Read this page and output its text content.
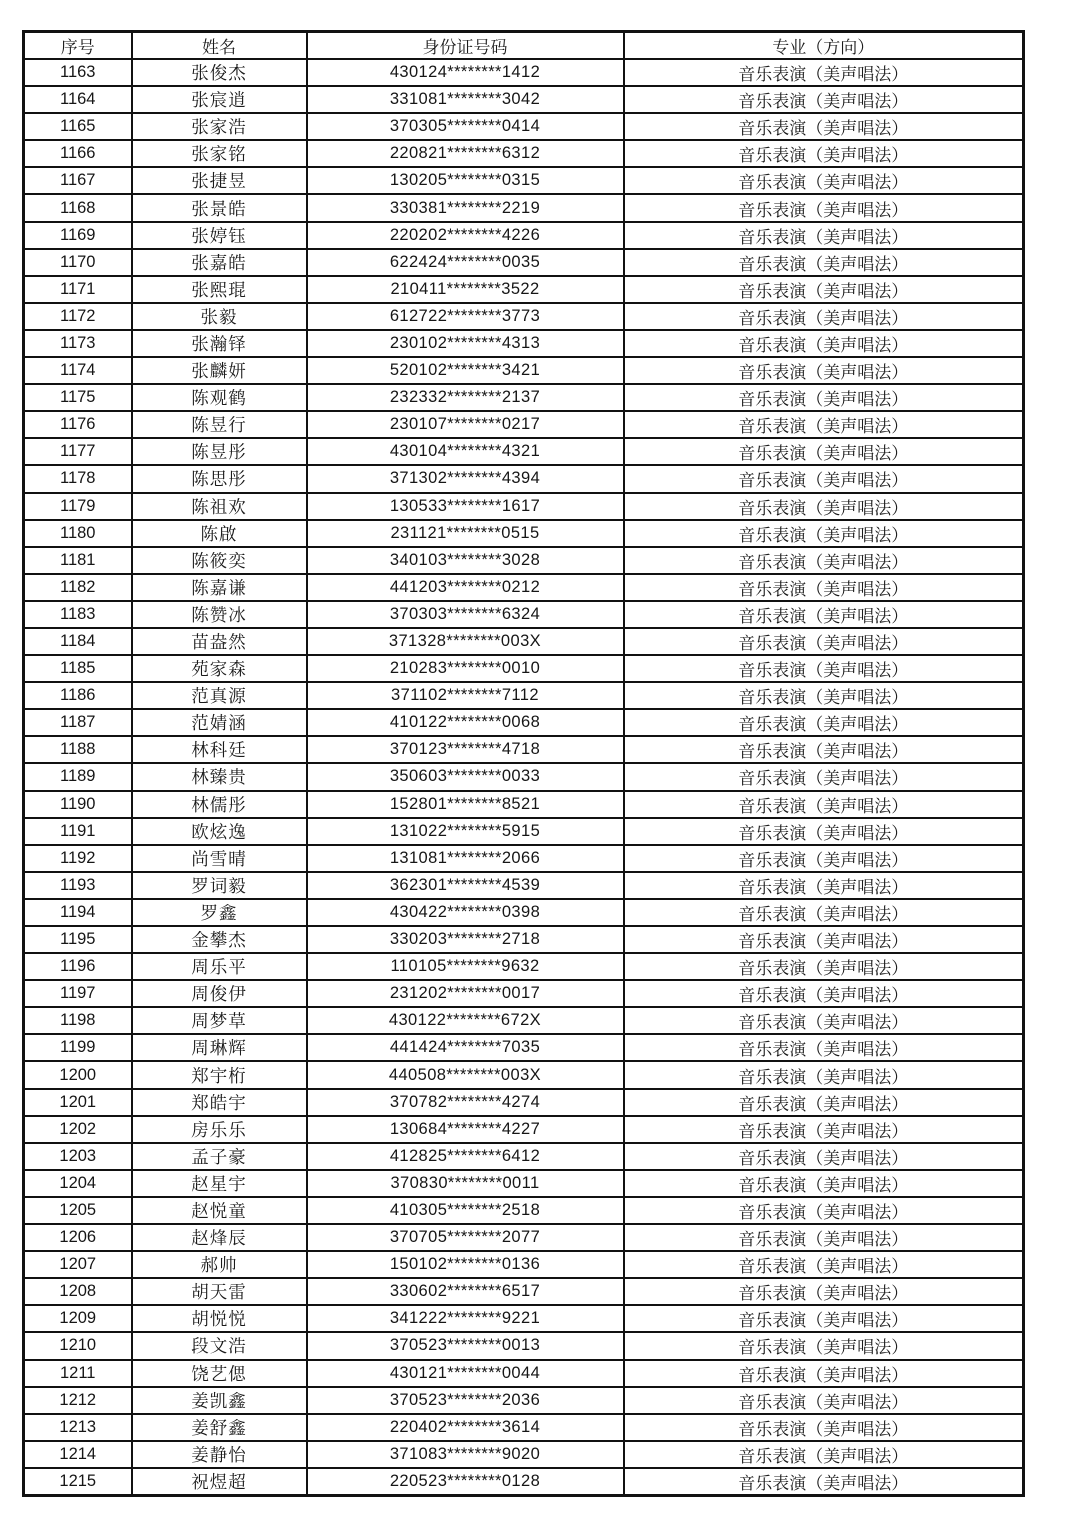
序号	姓名	身份证号码	专业（方向）
1163	张俊杰	430124********1412	音乐表演（美声唱法）
1164	张宸逍	331081********3042	音乐表演（美声唱法）
1165	张家浩	370305********0414	音乐表演（美声唱法）
1166	张家铭	220821********6312	音乐表演（美声唱法）
1167	张捷昱	130205********0315	音乐表演（美声唱法）
1168	张景皓	330381********2219	音乐表演（美声唱法）
1169	张婷钰	220202********4226	音乐表演（美声唱法）
1170	张嘉皓	622424********0035	音乐表演（美声唱法）
1171	张熙琨	210411********3522	音乐表演（美声唱法）
1172	张毅	612722********3773	音乐表演（美声唱法）
1173	张瀚铎	230102********4313	音乐表演（美声唱法）
1174	张麟妍	520102********3421	音乐表演（美声唱法）
1175	陈观鹤	232332********2137	音乐表演（美声唱法）
1176	陈昱行	230107********0217	音乐表演（美声唱法）
1177	陈昱彤	430104********4321	音乐表演（美声唱法）
1178	陈思彤	371302********4394	音乐表演（美声唱法）
1179	陈祖欢	130533********1617	音乐表演（美声唱法）
1180	陈啟	231121********0515	音乐表演（美声唱法）
1181	陈筱奕	340103********3028	音乐表演（美声唱法）
1182	陈嘉谦	441203********0212	音乐表演（美声唱法）
1183	陈赞冰	370303********6324	音乐表演（美声唱法）
1184	苗盎然	371328********003X	音乐表演（美声唱法）
1185	苑家森	210283********0010	音乐表演（美声唱法）
1186	范真源	371102********7112	音乐表演（美声唱法）
1187	范婧涵	410122********0068	音乐表演（美声唱法）
1188	林科廷	370123********4718	音乐表演（美声唱法）
1189	林臻贵	350603********0033	音乐表演（美声唱法）
1190	林儒彤	152801********8521	音乐表演（美声唱法）
1191	欧炫逸	131022********5915	音乐表演（美声唱法）
1192	尚雪晴	131081********2066	音乐表演（美声唱法）
1193	罗词毅	362301********4539	音乐表演（美声唱法）
1194	罗鑫	430422********0398	音乐表演（美声唱法）
1195	金攀杰	330203********2718	音乐表演（美声唱法）
1196	周乐平	110105********9632	音乐表演（美声唱法）
1197	周俊伊	231202********0017	音乐表演（美声唱法）
1198	周梦草	430122********672X	音乐表演（美声唱法）
1199	周琳辉	441424********7035	音乐表演（美声唱法）
1200	郑宇桁	440508********003X	音乐表演（美声唱法）
1201	郑皓宇	370782********4274	音乐表演（美声唱法）
1202	房乐乐	130684********4227	音乐表演（美声唱法）
1203	孟子豪	412825********6412	音乐表演（美声唱法）
1204	赵星宇	370830********0011	音乐表演（美声唱法）
1205	赵悦童	410305********2518	音乐表演（美声唱法）
1206	赵烽辰	370705********2077	音乐表演（美声唱法）
1207	郝帅	150102********0136	音乐表演（美声唱法）
1208	胡天雷	330602********6517	音乐表演（美声唱法）
1209	胡悦悦	341222********9221	音乐表演（美声唱法）
1210	段文浩	370523********0013	音乐表演（美声唱法）
1211	饶艺偲	430121********0044	音乐表演（美声唱法）
1212	姜凯鑫	370523********2036	音乐表演（美声唱法）
1213	姜舒鑫	220402********3614	音乐表演（美声唱法）
1214	姜静怡	371083********9020	音乐表演（美声唱法）
1215	祝煜超	220523********0128	音乐表演（美声唱法）
